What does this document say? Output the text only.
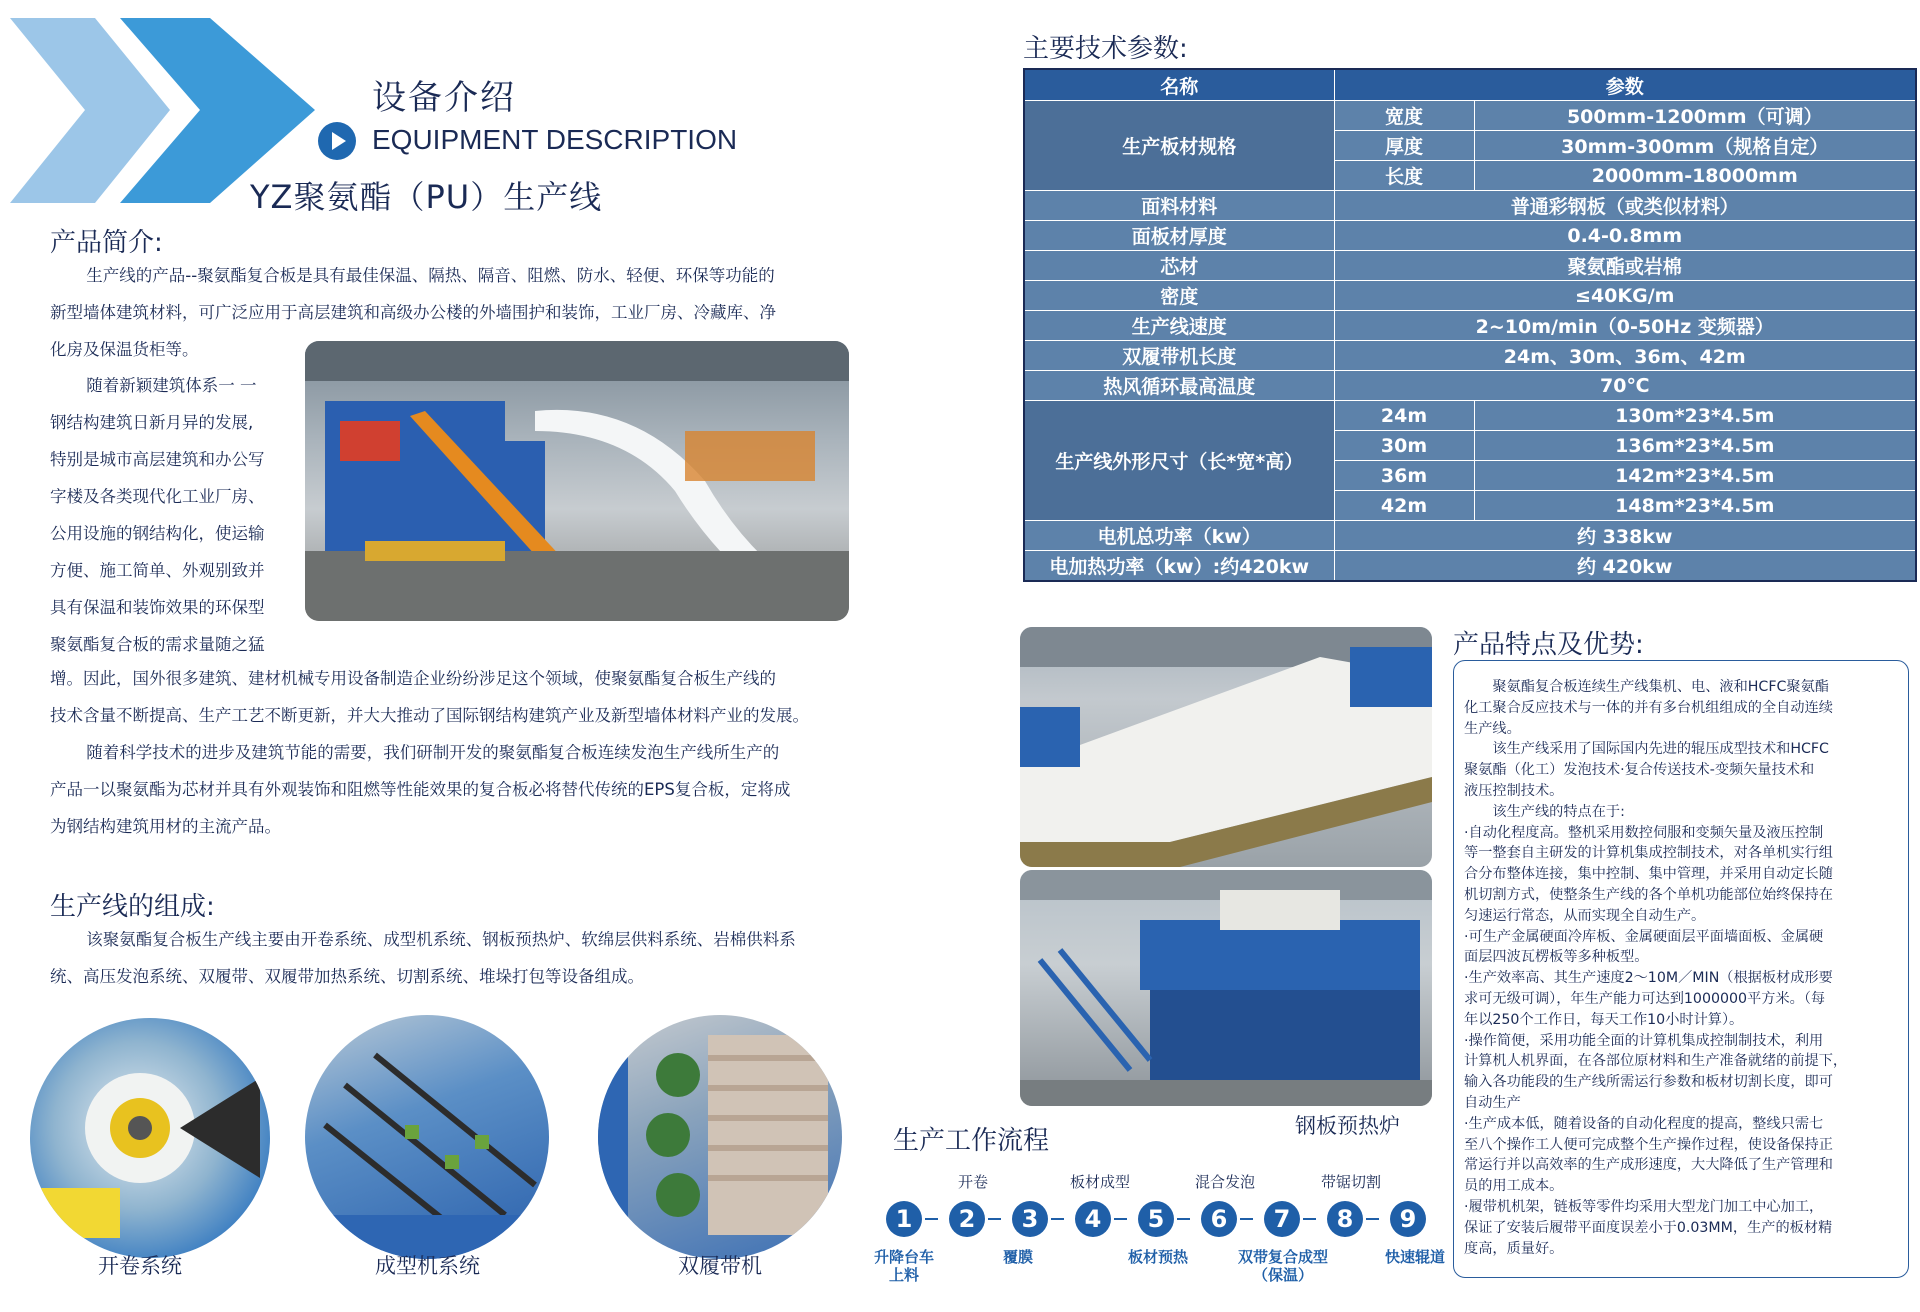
设备介绍
EQUIPMENT DESCRIPTION
YZ聚氨酯（PU）生产线
产品简介:

生产线的产品--聚氨酯复合板是具有最佳保温、隔热、隔音、阻燃、防水、轻便、环保等功能的

新型墙体建筑材料，可广泛应用于高层建筑和高级办公楼的外墙围护和装饰，工业厂房、冷藏库、净

化房及保温货柜等。

随着新颖建筑体系一 一

钢结构建筑日新月异的发展,

特别是城市高层建筑和办公写

字楼及各类现代化工业厂房、

公用设施的钢结构化，使运输

方便、施工简单、外观别致并

具有保温和装饰效果的环保型

聚氨酯复合板的需求量随之猛

增。因此，国外很多建筑、建材机械专用设备制造企业纷纷涉足这个领域，使聚氨酯复合板生产线的

技术含量不断提高、生产工艺不断更新，并大大推动了国际钢结构建筑产业及新型墙体材料产业的发展。

随着科学技术的进步及建筑节能的需要，我们研制开发的聚氨酯复合板连续发泡生产线所生产的

产品一以聚氨酯为芯材并具有外观装饰和阻燃等性能效果的复合板必将替代传统的EPS复合板，定将成

为钢结构建筑用材的主流产品。

生产线的组成:

该聚氨酯复合板生产线主要由开卷系统、成型机系统、钢板预热炉、软绵层供料系统、岩棉供料系

统、高压发泡系统、双履带、双履带加热系统、切割系统、堆垛打包等设备组成。

开卷系统	成型机系统	双履带机
主要技术参数:
名称	参数	
生产板材规格	宽度	500mm-1200mm（可调）
	厚度	30mm-300mm（规格自定）
	长度	2000mm-18000mm
面料材料	普通彩钢板（或类似材料）	
面板材厚度	0.4-0.8mm	
芯材	聚氨酯或岩棉	
密度	≤40KG/m	
生产线速度	2~10m/min（0-50Hz 变频器）	
双履带机长度	24m、30m、36m、42m	
热风循环最高温度	70℃	
生产线外形尺寸（长*宽*高）	24m	130m*23*4.5m
	30m	136m*23*4.5m
	36m	142m*23*4.5m
	42m	148m*23*4.5m
电机总功率（kw）	约 338kw	
电加热功率（kw）:约420kw	约 420kw	
钢板预热炉
产品特点及优势:

　　聚氨酯复合板连续生产线集机、电、液和HCFC聚氨酯

化工聚合反应技术与一体的并有多台机组组成的全自动连续

生产线。

　　该生产线采用了国际国内先进的辊压成型技术和HCFC

聚氨酯（化工）发泡技术·复合传送技术-变频矢量技术和

液压控制技术。

　　该生产线的特点在于:

·自动化程度高。整机采用数控伺服和变频矢量及液压控制

等一整套自主研发的计算机集成控制技术，对各单机实行组

合分布整体连接，集中控制、集中管理，并采用自动定长随

机切割方式，使整条生产线的各个单机功能部位始终保持在

匀速运行常态，从而实现全自动生产。

·可生产金属硬面冷库板、金属硬面层平面墙面板、金属硬

面层四波瓦楞板等多种板型。

·生产效率高、其生产速度2～10M／MIN（根据板材成形要

求可无级可调），年生产能力可达到1000000平方米。（每

年以250个工作日，每天工作10小时计算）。

·操作简便，采用功能全面的计算机集成控制制技术，利用

计算机人机界面，在各部位原材料和生产准备就绪的前提下，

输入各功能段的生产线所需运行参数和板材切割长度，即可

自动生产

·生产成本低，随着设备的自动化程度的提高，整线只需七

至八个操作工人便可完成整个生产操作过程，使设备保持正

常运行并以高效率的生产成形速度，大大降低了生产管理和

员的用工成本。

·履带机机架，链板等零件均采用大型龙门加工中心加工，

保证了安装后履带平面度误差小于0.03MM，生产的板材精

度高，质量好。

生产工作流程
开卷	板材成型	混合发泡	带锯切割
1	2	3	4	5	6	7	8	9
升降台车上料
覆膜	板材预热	双带复合成型（保温）
快速辊道
